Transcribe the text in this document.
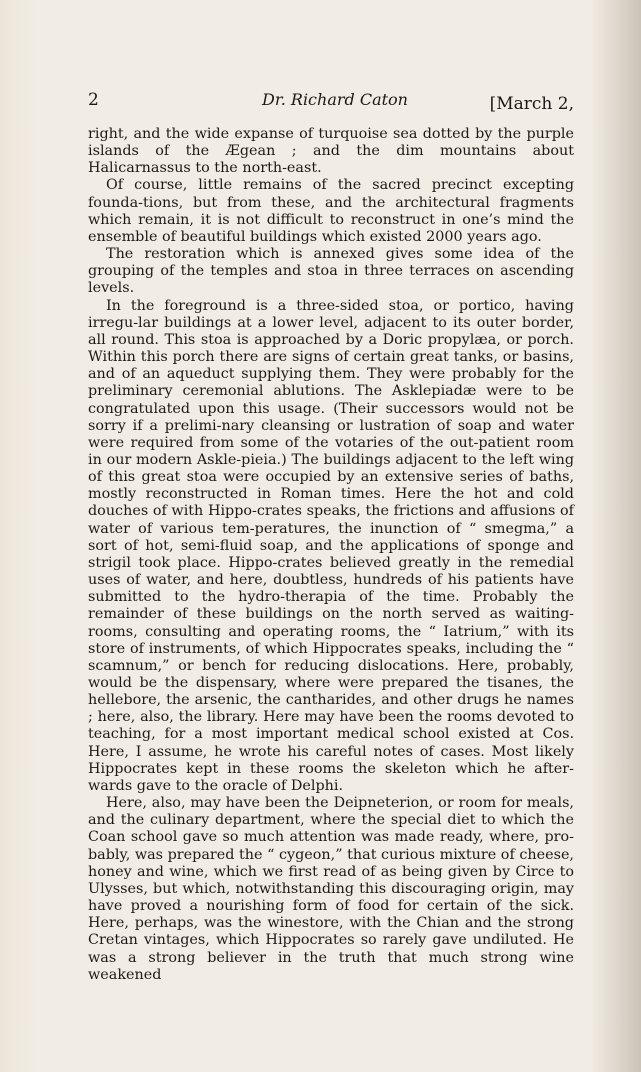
2	Dr. Richard Caton	[March 2,

right, and the wide expanse of turquoise sea dotted by the purple islands of the Ægean ; and the dim mountains about Halicarnassus to the north-east.

Of course, little remains of the sacred precinct excepting founda-tions, but from these, and the architectural fragments which remain, it is not difficult to reconstruct in one’s mind the ensemble of beautiful buildings which existed 2000 years ago.

The restoration which is annexed gives some idea of the grouping of the temples and stoa in three terraces on ascending levels.

In the foreground is a three-sided stoa, or portico, having irregu-lar buildings at a lower level, adjacent to its outer border, all round. This stoa is approached by a Doric propylæa, or porch. Within this porch there are signs of certain great tanks, or basins, and of an aqueduct supplying them. They were probably for the preliminary ceremonial ablutions. The Asklepiadæ were to be congratulated upon this usage. (Their successors would not be sorry if a prelimi-nary cleansing or lustration of soap and water were required from some of the votaries of the out-patient room in our modern Askle-pieia.) The buildings adjacent to the left wing of this great stoa were occupied by an extensive series of baths, mostly reconstructed in Roman times. Here the hot and cold douches of with Hippo-crates speaks, the frictions and affusions of water of various tem-peratures, the inunction of “ smegma,” a sort of hot, semi-fluid soap, and the applications of sponge and strigil took place. Hippo-crates believed greatly in the remedial uses of water, and here, doubtless, hundreds of his patients have submitted to the hydro-therapia of the time. Probably the remainder of these buildings on the north served as waiting-rooms, consulting and operating rooms, the “ Iatrium,” with its store of instruments, of which Hippocrates speaks, including the “ scamnum,” or bench for reducing dislocations. Here, probably, would be the dispensary, where were prepared the tisanes, the hellebore, the arsenic, the cantharides, and other drugs he names ; here, also, the library. Here may have been the rooms devoted to teaching, for a most important medical school existed at Cos. Here, I assume, he wrote his careful notes of cases. Most likely Hippocrates kept in these rooms the skeleton which he after-wards gave to the oracle of Delphi.

Here, also, may have been the Deipneterion, or room for meals, and the culinary department, where the special diet to which the Coan school gave so much attention was made ready, where, pro-bably, was prepared the “ cygeon,” that curious mixture of cheese, honey and wine, which we first read of as being given by Circe to Ulysses, but which, notwithstanding this discouraging origin, may have proved a nourishing form of food for certain of the sick. Here, perhaps, was the winestore, with the Chian and the strong Cretan vintages, which Hippocrates so rarely gave undiluted. He was a strong believer in the truth that much strong wine weakened
